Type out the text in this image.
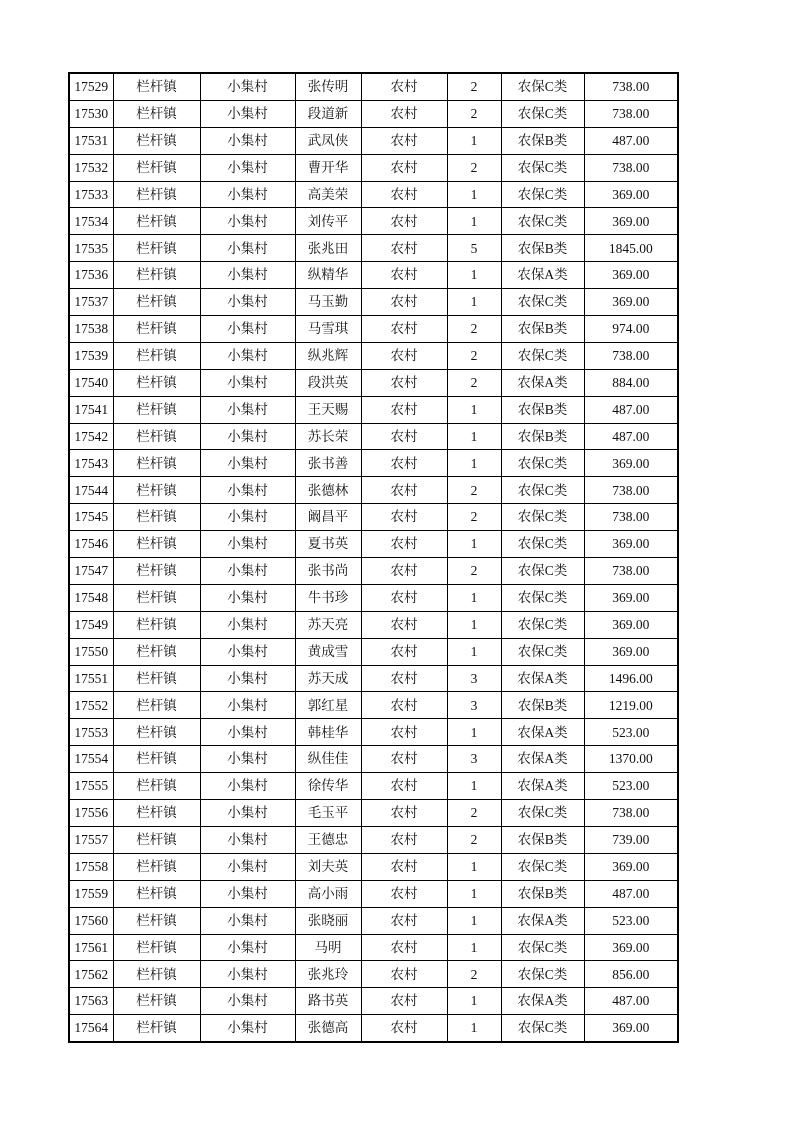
17529	栏杆镇	小集村	张传明	农村	2	农保C类	738.00
17530	栏杆镇	小集村	段道新	农村	2	农保C类	738.00
17531	栏杆镇	小集村	武凤侠	农村	1	农保B类	487.00
17532	栏杆镇	小集村	曹开华	农村	2	农保C类	738.00
17533	栏杆镇	小集村	高美荣	农村	1	农保C类	369.00
17534	栏杆镇	小集村	刘传平	农村	1	农保C类	369.00
17535	栏杆镇	小集村	张兆田	农村	5	农保B类	1845.00
17536	栏杆镇	小集村	纵精华	农村	1	农保A类	369.00
17537	栏杆镇	小集村	马玉勤	农村	1	农保C类	369.00
17538	栏杆镇	小集村	马雪琪	农村	2	农保B类	974.00
17539	栏杆镇	小集村	纵兆辉	农村	2	农保C类	738.00
17540	栏杆镇	小集村	段洪英	农村	2	农保A类	884.00
17541	栏杆镇	小集村	王天赐	农村	1	农保B类	487.00
17542	栏杆镇	小集村	苏长荣	农村	1	农保B类	487.00
17543	栏杆镇	小集村	张书善	农村	1	农保C类	369.00
17544	栏杆镇	小集村	张德林	农村	2	农保C类	738.00
17545	栏杆镇	小集村	阚昌平	农村	2	农保C类	738.00
17546	栏杆镇	小集村	夏书英	农村	1	农保C类	369.00
17547	栏杆镇	小集村	张书尚	农村	2	农保C类	738.00
17548	栏杆镇	小集村	牛书珍	农村	1	农保C类	369.00
17549	栏杆镇	小集村	苏天亮	农村	1	农保C类	369.00
17550	栏杆镇	小集村	黄成雪	农村	1	农保C类	369.00
17551	栏杆镇	小集村	苏天成	农村	3	农保A类	1496.00
17552	栏杆镇	小集村	郭红星	农村	3	农保B类	1219.00
17553	栏杆镇	小集村	韩桂华	农村	1	农保A类	523.00
17554	栏杆镇	小集村	纵佳佳	农村	3	农保A类	1370.00
17555	栏杆镇	小集村	徐传华	农村	1	农保A类	523.00
17556	栏杆镇	小集村	毛玉平	农村	2	农保C类	738.00
17557	栏杆镇	小集村	王德忠	农村	2	农保B类	739.00
17558	栏杆镇	小集村	刘夫英	农村	1	农保C类	369.00
17559	栏杆镇	小集村	高小雨	农村	1	农保B类	487.00
17560	栏杆镇	小集村	张晓丽	农村	1	农保A类	523.00
17561	栏杆镇	小集村	马明	农村	1	农保C类	369.00
17562	栏杆镇	小集村	张兆玲	农村	2	农保C类	856.00
17563	栏杆镇	小集村	路书英	农村	1	农保A类	487.00
17564	栏杆镇	小集村	张德高	农村	1	农保C类	369.00
